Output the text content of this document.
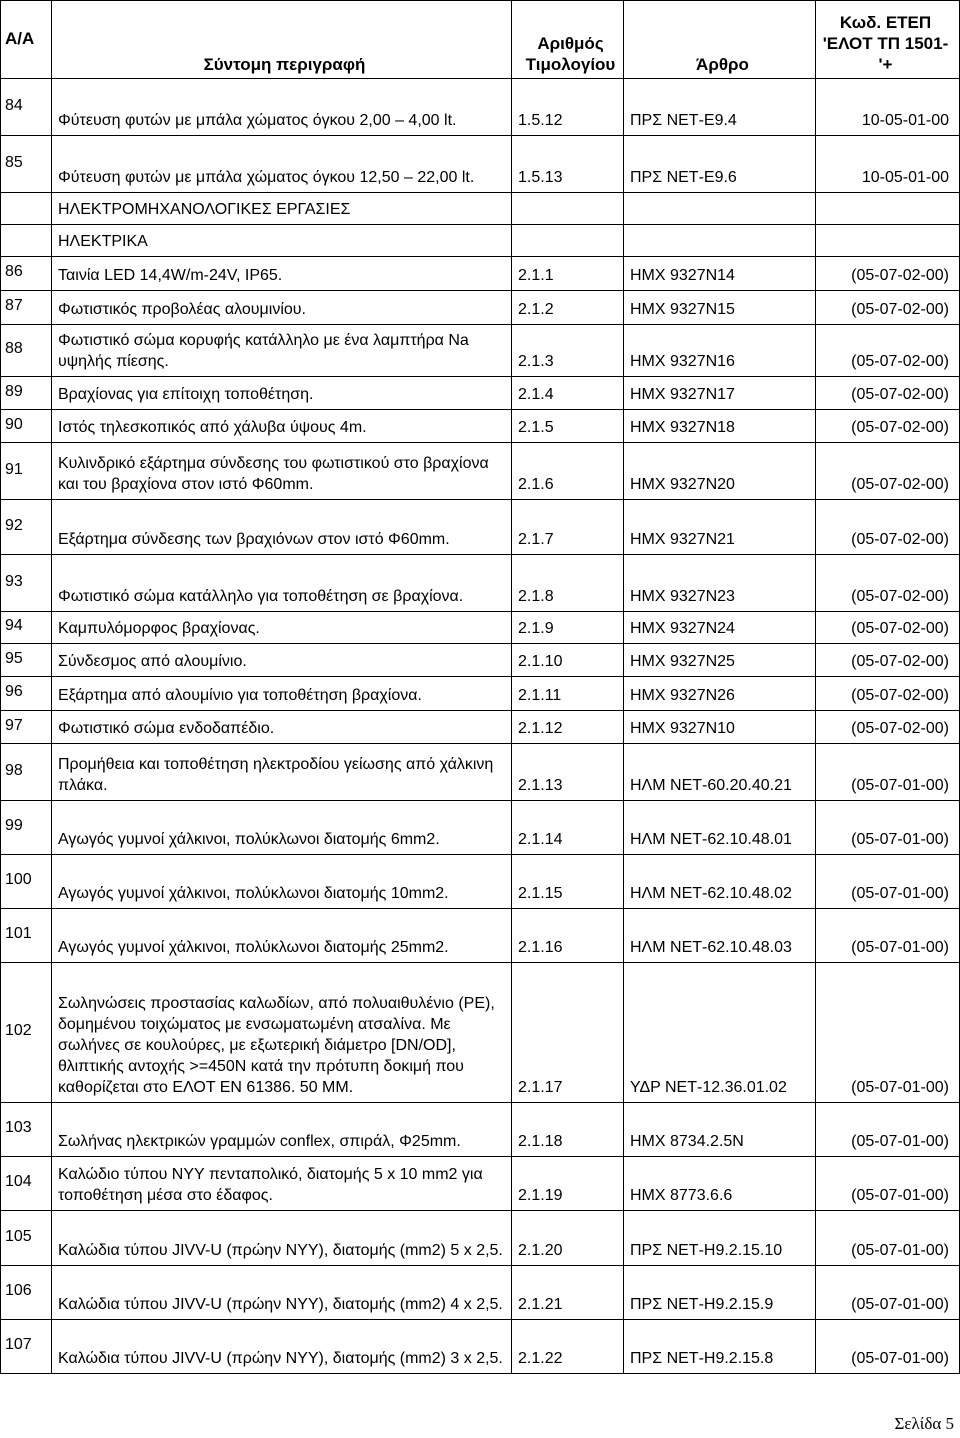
Α/Α	Σύντομη περιγραφή	Αριθμός Τιμολογίου	Άρθρο	Κωδ. ΕΤΕΠ 'ΕΛΟΤ ΤΠ 1501-'+
84	Φύτευση φυτών με μπάλα χώματος όγκου 2,00 – 4,00 lt.	1.5.12	ΠΡΣ ΝΕΤ-Ε9.4	10-05-01-00
85	Φύτευση φυτών με μπάλα χώματος όγκου 12,50 – 22,00 lt.	1.5.13	ΠΡΣ ΝΕΤ-Ε9.6	10-05-01-00
	ΗΛΕΚΤΡΟΜΗΧΑΝΟΛΟΓΙΚΕΣ ΕΡΓΑΣΙΕΣ			
	ΗΛΕΚΤΡΙΚΑ			
86	Ταινία LED 14,4W/m-24V, IP65.	2.1.1	ΗΜΧ 9327Ν14	(05-07-02-00)
87	Φωτιστικός προβολέας αλουμινίου.	2.1.2	ΗΜΧ 9327Ν15	(05-07-02-00)
88	Φωτιστικό σώμα κορυφής κατάλληλο με ένα λαμπτήρα Na υψηλής πίεσης.	2.1.3	ΗΜΧ 9327Ν16	(05-07-02-00)
89	Βραχίονας για επίτοιχη τοποθέτηση.	2.1.4	ΗΜΧ 9327Ν17	(05-07-02-00)
90	Ιστός τηλεσκοπικός από χάλυβα ύψους 4m.	2.1.5	ΗΜΧ 9327Ν18	(05-07-02-00)
91	Κυλινδρικό εξάρτημα σύνδεσης του φωτιστικού στο βραχίονα και του βραχίονα στον ιστό Φ60mm.	2.1.6	ΗΜΧ 9327Ν20	(05-07-02-00)
92	Εξάρτημα σύνδεσης των βραχιόνων στον ιστό Φ60mm.	2.1.7	ΗΜΧ 9327Ν21	(05-07-02-00)
93	Φωτιστικό σώμα κατάλληλο για τοποθέτηση σε βραχίονα.	2.1.8	ΗΜΧ 9327Ν23	(05-07-02-00)
94	Καμπυλόμορφος βραχίονας.	2.1.9	ΗΜΧ 9327Ν24	(05-07-02-00)
95	Σύνδεσμος από αλουμίνιο.	2.1.10	ΗΜΧ 9327Ν25	(05-07-02-00)
96	Εξάρτημα από αλουμίνιο για τοποθέτηση βραχίονα.	2.1.11	ΗΜΧ 9327Ν26	(05-07-02-00)
97	Φωτιστικό σώμα ενδοδαπέδιο.	2.1.12	ΗΜΧ 9327Ν10	(05-07-02-00)
98	Προμήθεια και τοποθέτηση ηλεκτροδίου γείωσης από χάλκινη πλάκα.	2.1.13	ΗΛΜ ΝΕΤ-60.20.40.21	(05-07-01-00)
99	Αγωγός γυμνοί χάλκινοι, πολύκλωνοι διατομής 6mm2.	2.1.14	ΗΛΜ ΝΕΤ-62.10.48.01	(05-07-01-00)
100	Αγωγός γυμνοί χάλκινοι, πολύκλωνοι διατομής 10mm2.	2.1.15	ΗΛΜ ΝΕΤ-62.10.48.02	(05-07-01-00)
101	Αγωγός γυμνοί χάλκινοι, πολύκλωνοι διατομής 25mm2.	2.1.16	ΗΛΜ ΝΕΤ-62.10.48.03	(05-07-01-00)
102	Σωληνώσεις προστασίας καλωδίων, από πολυαιθυλένιο (PE), δομημένου τοιχώματος με ενσωματωμένη ατσαλίνα. Με σωλήνες σε κουλούρες, με εξωτερική διάμετρο [DN/OD], θλιπτικής αντοχής >=450N κατά την πρότυπη δοκιμή που καθορίζεται στο ΕΛΟΤ ΕΝ 61386. 50 MM.	2.1.17	ΥΔΡ ΝΕΤ-12.36.01.02	(05-07-01-00)
103	Σωλήνας ηλεκτρικών γραμμών conflex, σπιράλ, Φ25mm.	2.1.18	ΗΜΧ 8734.2.5Ν	(05-07-01-00)
104	Καλώδιο τύπου NYY πενταπολικό, διατομής 5 x 10 mm2 για τοποθέτηση μέσα στο έδαφος.	2.1.19	ΗΜΧ 8773.6.6	(05-07-01-00)
105	Καλώδια τύπου JIVV-U (πρώην NYY), διατομής (mm2) 5 x 2,5.	2.1.20	ΠΡΣ ΝΕΤ-Η9.2.15.10	(05-07-01-00)
106	Καλώδια τύπου JIVV-U (πρώην NYY), διατομής (mm2) 4 x 2,5.	2.1.21	ΠΡΣ ΝΕΤ-Η9.2.15.9	(05-07-01-00)
107	Καλώδια τύπου JIVV-U (πρώην NYY), διατομής (mm2) 3 x 2,5.	2.1.22	ΠΡΣ ΝΕΤ-Η9.2.15.8	(05-07-01-00)
Σελίδα 5
